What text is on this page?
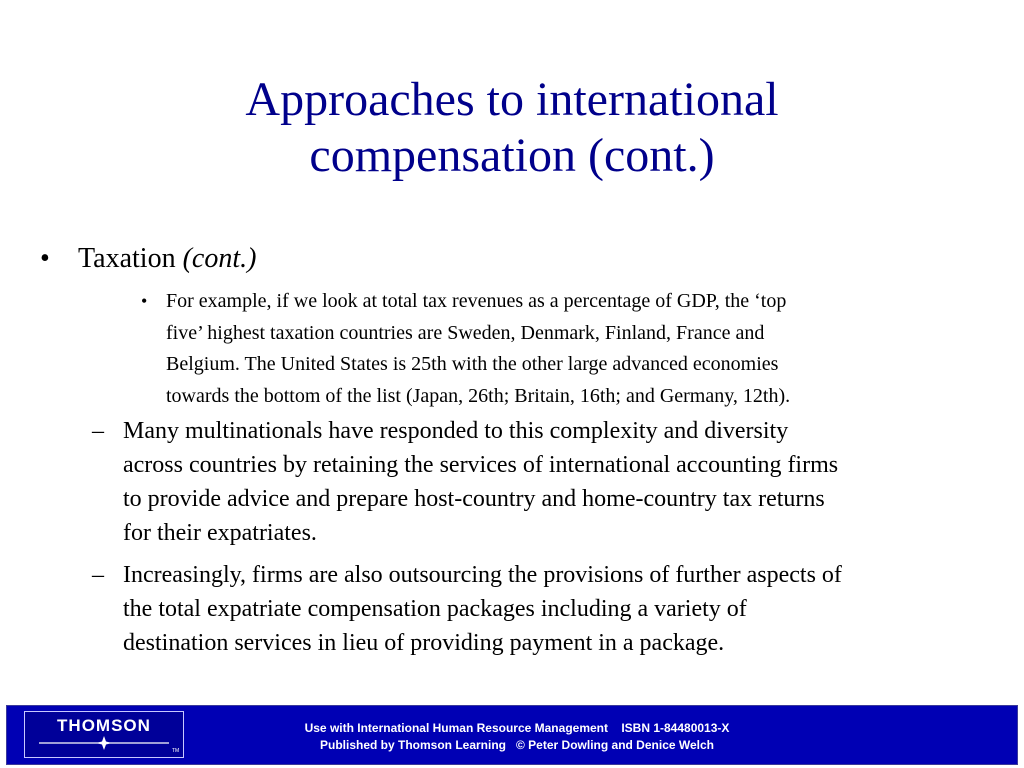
Approaches to international
compensation (cont.)
• Taxation (cont.)
• For example, if we look at total tax revenues as a percentage of GDP, the ‘top
five’ highest taxation countries are Sweden, Denmark, Finland, France and
Belgium. The United States is 25th with the other large advanced economies
towards the bottom of the list (Japan, 26th; Britain, 16th; and Germany, 12th).
– Many multinationals have responded to this complexity and diversity
across countries by retaining the services of international accounting firms
to provide advice and prepare host-country and home-country tax returns
for their expatriates.
– Increasingly, firms are also outsourcing the provisions of further aspects of
the total expatriate compensation packages including a variety of
destination services in lieu of providing payment in a package.
THOMSON
TM
Use with International Human Resource Management    ISBN 1-84480013-X
Published by Thomson Learning   © Peter Dowling and Denice Welch
